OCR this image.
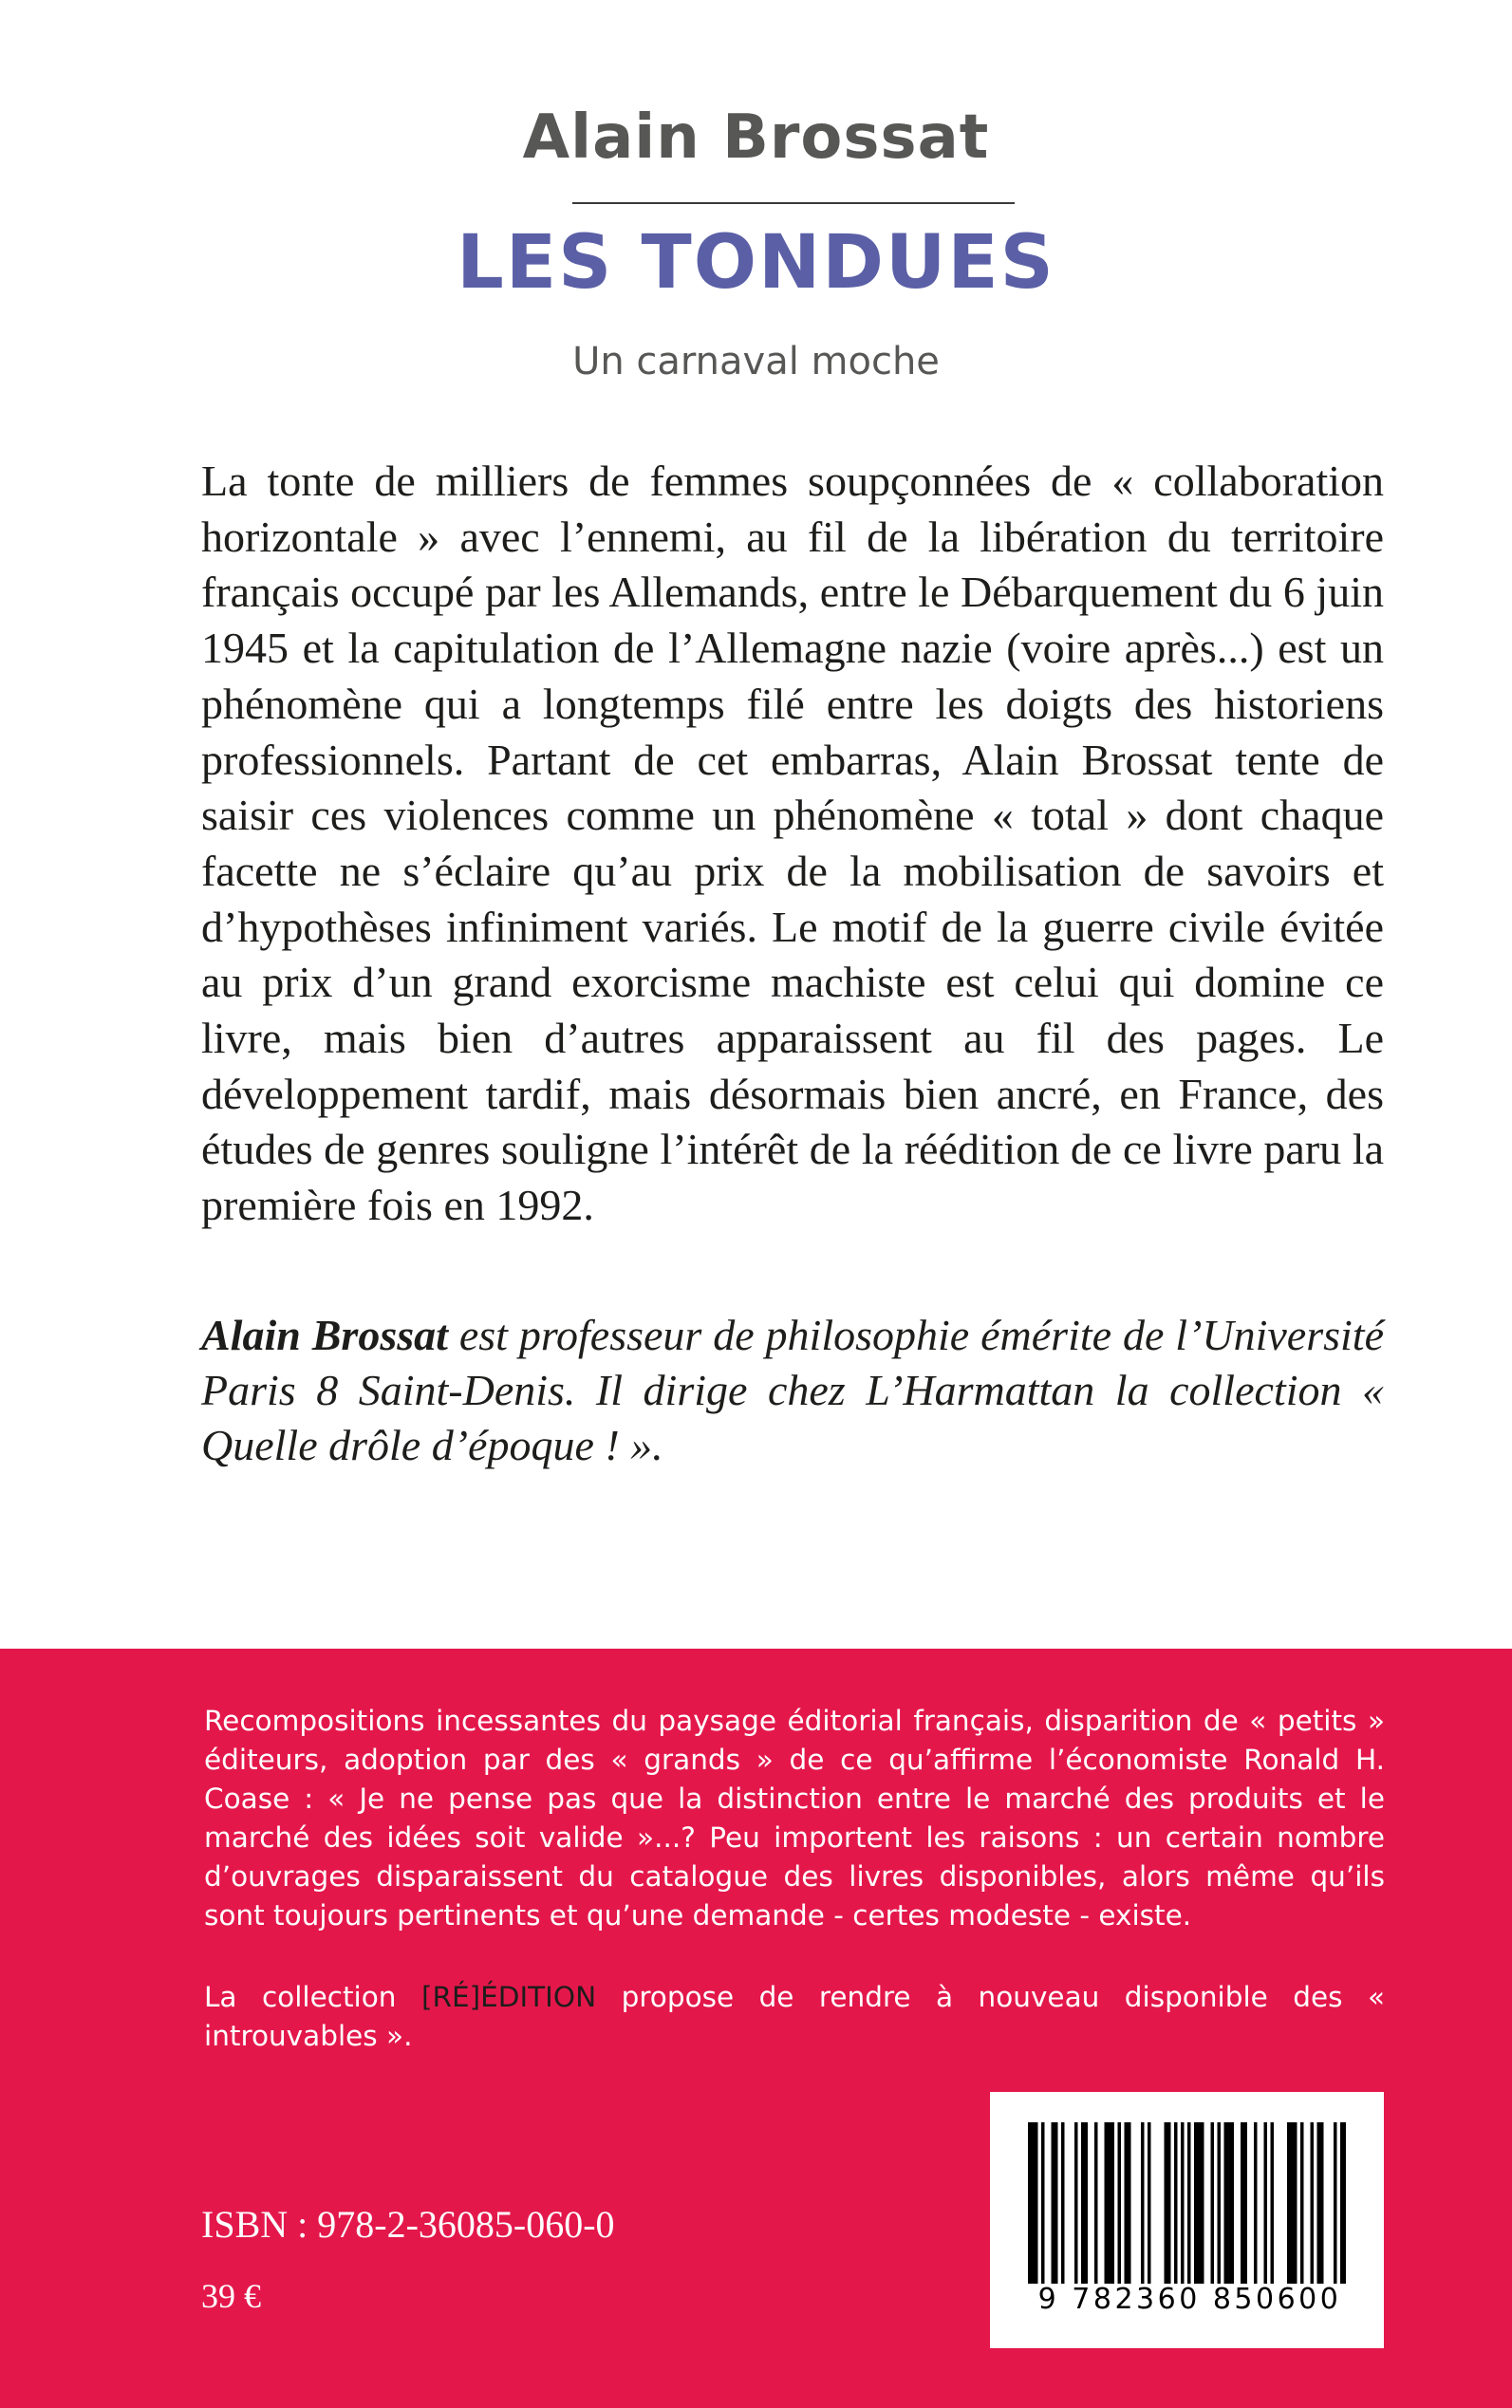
Alain Brossat
LES TONDUES
Un carnaval moche

La tonte de milliers de femmes soupçonnées de « collaboration horizontale » avec l’ennemi, au fil de la libération du territoire français occupé par les Allemands, entre le Débarquement du 6 juin 1945 et la capitulation de l’Allemagne nazie (voire après...) est un phénomène qui a longtemps filé entre les doigts des historiens professionnels. Partant de cet embarras, Alain Brossat tente de saisir ces violences comme un phénomène « total » dont chaque facette ne s’éclaire qu’au prix de la mobilisation de savoirs et d’hypothèses infiniment variés. Le motif de la guerre civile évitée au prix d’un grand exorcisme machiste est celui qui domine ce livre, mais bien d’autres apparaissent au fil des pages. Le développement tardif, mais désormais bien ancré, en France, des études de genres souligne l’intérêt de la réédition de ce livre paru la première fois en 1992.

Alain Brossat est professeur de philosophie émérite de l’Université Paris 8 Saint-Denis. Il dirige chez L’Harmattan la collection « Quelle drôle d’époque ! ».

Recompositions incessantes du paysage éditorial français, disparition de « petits » éditeurs, adoption par des « grands » de ce qu’affirme l’économiste Ronald H. Coase : « Je ne pense pas que la distinction entre le marché des produits et le marché des idées soit valide »...? Peu importent les raisons : un certain nombre d’ouvrages disparaissent du catalogue des livres disponibles, alors même qu’ils sont toujours pertinents et qu’une demande - certes modeste - existe.

La collection [RÉ]ÉDITION propose de rendre à nouveau disponible des « introuvables ».

ISBN : 978-2-36085-060-0
39 €	9 782360 850600
